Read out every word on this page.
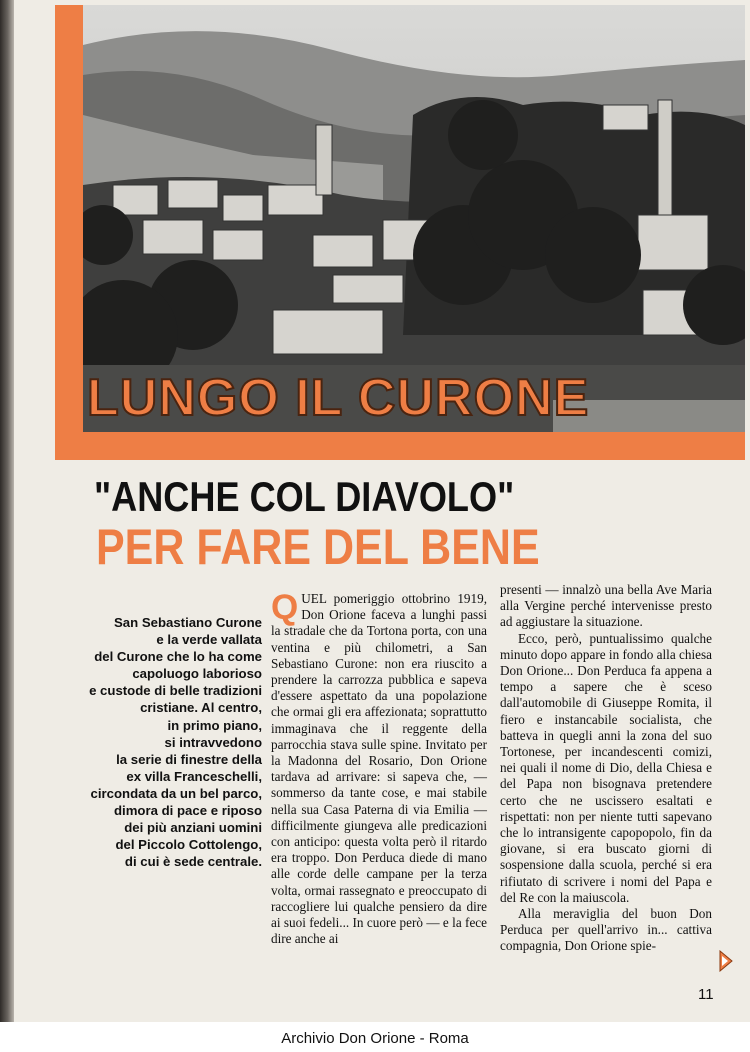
LUNGO IL CURONE
"ANCHE COL DIAVOLO"
PER FARE DEL BENE

San Sebastiano Curone
e la verde vallata
del Curone che lo ha come
capoluogo laborioso
e custode di belle tradizioni
cristiane. Al centro,
in primo piano,
si intravvedono
la serie di finestre della
ex villa Franceschelli,
circondata da un bel parco,
dimora di pace e riposo
dei più anziani uomini
del Piccolo Cottolengo,
di cui è sede centrale.

QUEL pomeriggio ottobrino 1919, Don Orione faceva a lunghi passi la stradale che da Tortona porta, con una ventina e più chilometri, a San Sebastiano Curone: non era riuscito a prendere la carrozza pubblica e sapeva d'essere aspettato da una popolazione che ormai gli era affezionata; soprattutto immaginava che il reggente della parrocchia stava sulle spine. Invitato per la Madonna del Rosario, Don Orione tardava ad arrivare: si sapeva che, — sommerso da tante cose, e mai stabile nella sua Casa Paterna di via Emilia — difficilmente giungeva alle predicazioni con anticipo: questa volta però il ritardo era troppo. Don Perduca diede di mano alle corde delle campane per la terza volta, ormai rassegnato e preoccupato di raccogliere lui qualche pensiero da dire ai suoi fedeli... In cuore però — e la fece dire anche ai

presenti — innalzò una bella Ave Maria alla Vergine perché intervenisse presto ad aggiustare la situazione.

Ecco, però, puntualissimo qualche minuto dopo appare in fondo alla chiesa Don Orione... Don Perduca fa appena a tempo a sapere che è sceso dall'automobile di Giuseppe Romita, il fiero e instancabile socialista, che batteva in quegli anni la zona del suo Tortonese, per incandescenti comizi, nei quali il nome di Dio, della Chiesa e del Papa non bisognava pretendere certo che ne uscissero esaltati e rispettati: non per niente tutti sapevano che lo intransigente capopopolo, fin da giovane, si era buscato giorni di sospensione dalla scuola, perché si era rifiutato di scrivere i nomi del Papa e del Re con la maiuscola.

Alla meraviglia del buon Don Perduca per quell'arrivo in... cattiva compagnia, Don Orione spie-

11

Archivio Don Orione - Roma
